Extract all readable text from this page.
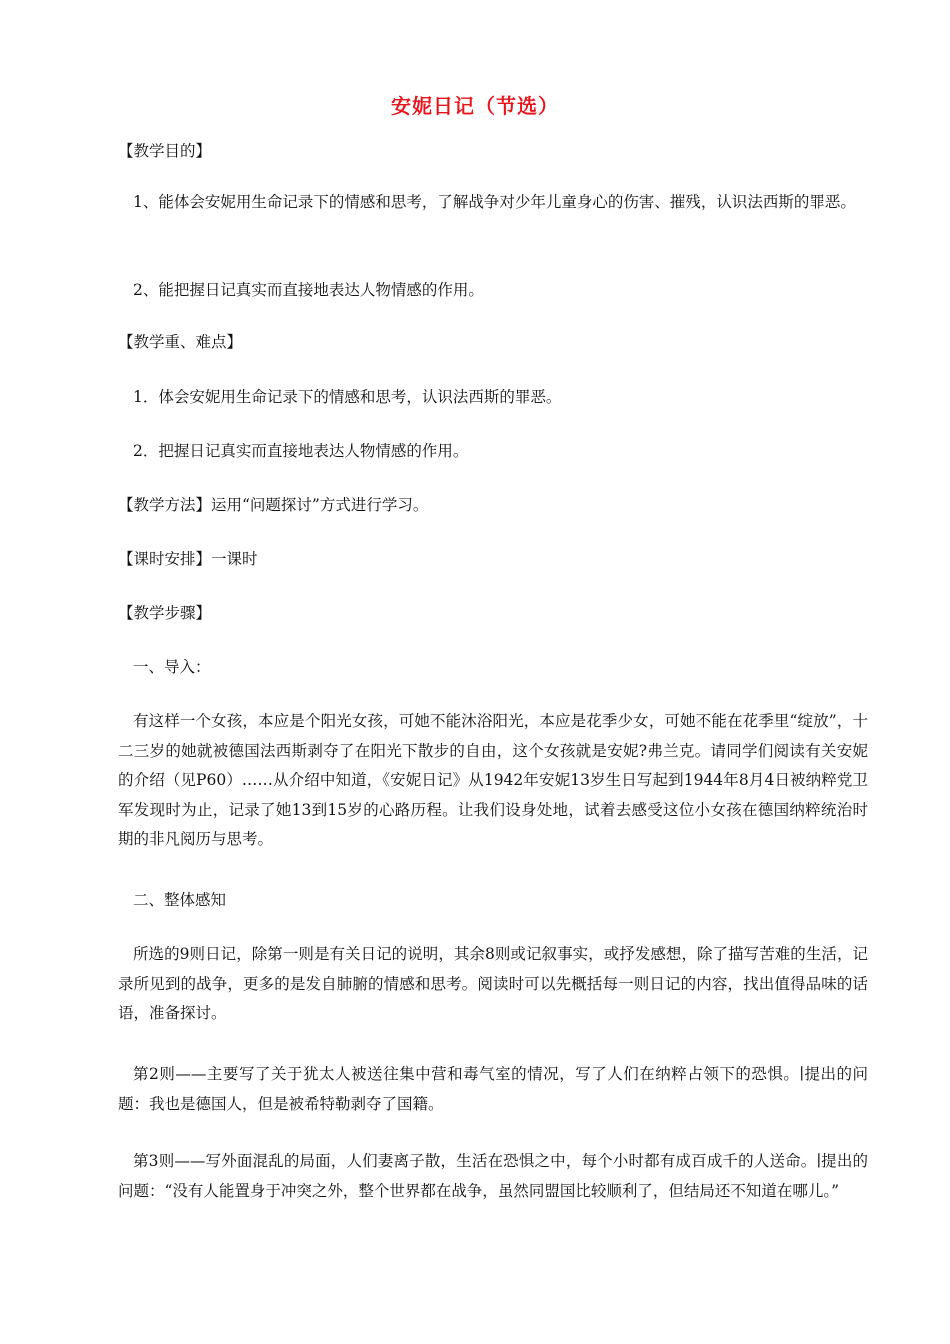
安妮日记（节选）

【教学目的】

1、能体会安妮用生命记录下的情感和思考，了解战争对少年儿童身心的伤害、摧残，认识法西斯的罪恶。

2、能把握日记真实而直接地表达人物情感的作用。

【教学重、难点】

1．体会安妮用生命记录下的情感和思考，认识法西斯的罪恶。

2．把握日记真实而直接地表达人物情感的作用。

【教学方法】运用“问题探讨”方式进行学习。

【课时安排】一课时

【教学步骤】

一、导入：

有这样一个女孩，本应是个阳光女孩，可她不能沐浴阳光，本应是花季少女，可她不能在花季里“绽放”，十二三岁的她就被德国法西斯剥夺了在阳光下散步的自由，这个女孩就是安妮?弗兰克。请同学们阅读有关安妮的介绍（见P60）……从介绍中知道，《安妮日记》从1942年安妮13岁生日写起到1944年8月4日被纳粹党卫军发现时为止，记录了她13到15岁的心路历程。让我们设身处地，试着去感受这位小女孩在德国纳粹统治时期的非凡阅历与思考。

二、整体感知

所选的9则日记，除第一则是有关日记的说明，其余8则或记叙事实，或抒发感想，除了描写苦难的生活，记录所见到的战争，更多的是发自肺腑的情感和思考。阅读时可以先概括每一则日记的内容，找出值得品味的话语，准备探讨。

第2则——主要写了关于犹太人被送往集中营和毒气室的情况，写了人们在纳粹占领下的恐惧。∣提出的问题：我也是德国人，但是被希特勒剥夺了国籍。

第3则——写外面混乱的局面，人们妻离子散，生活在恐惧之中，每个小时都有成百成千的人送命。∣提出的问题：“没有人能置身于冲突之外，整个世界都在战争，虽然同盟国比较顺利了，但结局还不知道在哪儿。”
